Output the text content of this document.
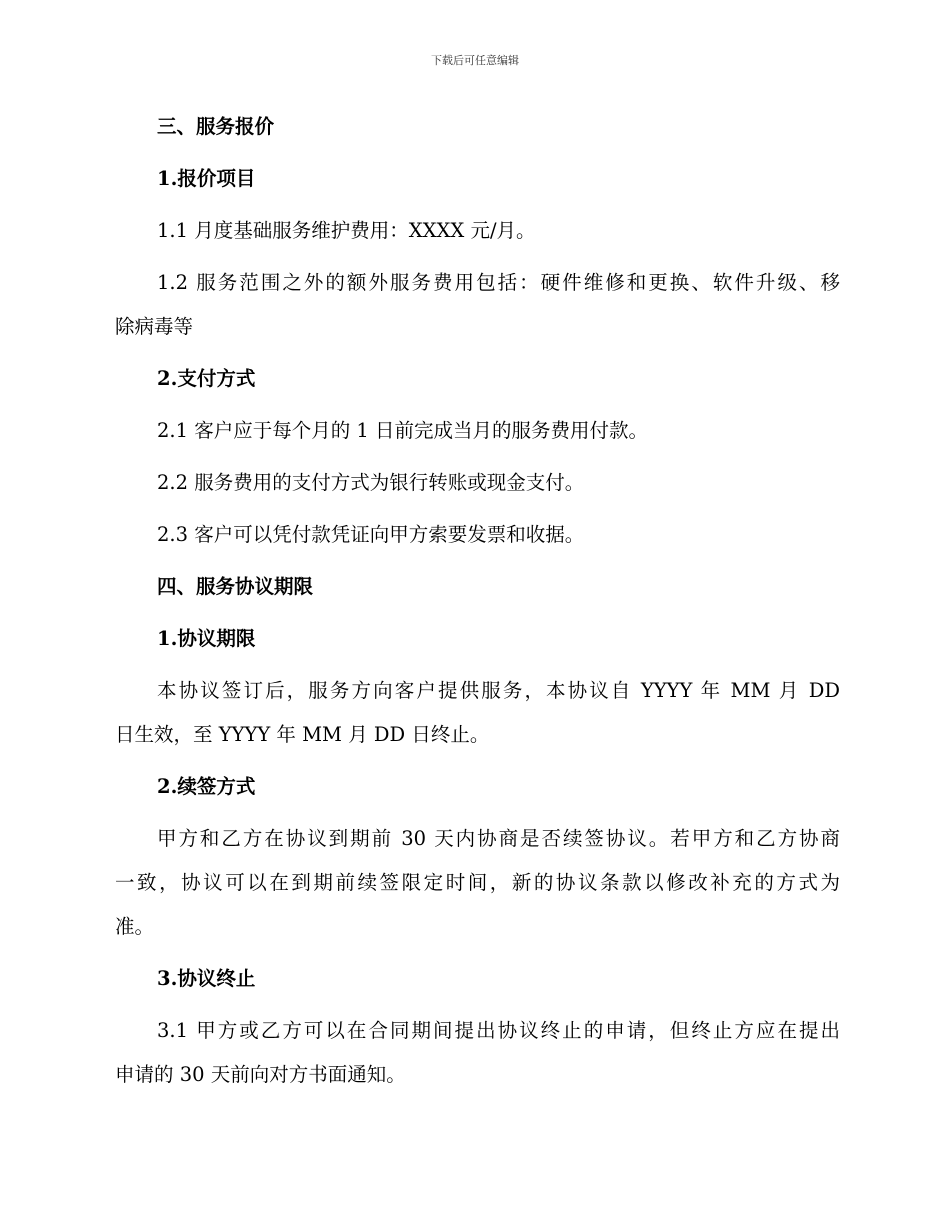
下载后可任意编辑
三、服务报价
1.报价项目
1.1 月度基础服务维护费用：XXXX 元/月。
1.2 服务范围之外的额外服务费用包括：硬件维修和更换、软件升级、移
除病毒等
2.支付方式
2.1 客户应于每个月的 1 日前完成当月的服务费用付款。
2.2 服务费用的支付方式为银行转账或现金支付。
2.3 客户可以凭付款凭证向甲方索要发票和收据。
四、服务协议期限
1.协议期限
本协议签订后，服务方向客户提供服务，本协议自 YYYY 年 MM 月 DD
日生效，至 YYYY 年 MM 月 DD 日终止。
2.续签方式
甲方和乙方在协议到期前 30 天内协商是否续签协议。若甲方和乙方协商
一致，协议可以在到期前续签限定时间，新的协议条款以修改补充的方式为
准。
3.协议终止
3.1 甲方或乙方可以在合同期间提出协议终止的申请，但终止方应在提出
申请的 30 天前向对方书面通知。
